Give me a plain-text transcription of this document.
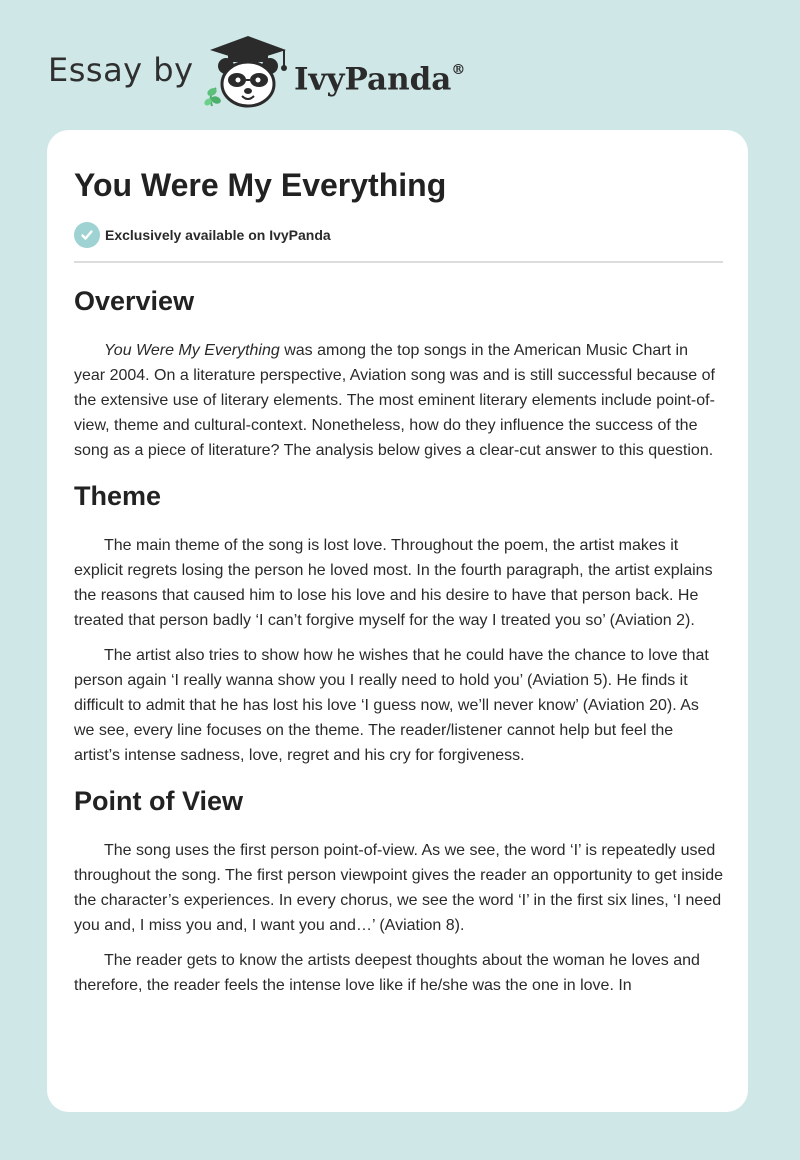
Essay by	IvyPanda®
You Were My Everything
Exclusively available on IvyPanda
Overview

You Were My Everything was among the top songs in the American Music Chart in year 2004. On a literature perspective, Aviation song was and is still successful because of the extensive use of literary elements. The most eminent literary elements include point-of-view, theme and cultural-context. Nonetheless, how do they influence the success of the song as a piece of literature? The analysis below gives a clear-cut answer to this question.

Theme

The main theme of the song is lost love. Throughout the poem, the artist makes it explicit regrets losing the person he loved most. In the fourth paragraph, the artist explains the reasons that caused him to lose his love and his desire to have that person back. He treated that person badly ‘I can’t forgive myself for the way I treated you so’ (Aviation 2).

The artist also tries to show how he wishes that he could have the chance to love that person again ‘I really wanna show you I really need to hold you’ (Aviation 5). He finds it difficult to admit that he has lost his love ‘I guess now, we’ll never know’ (Aviation 20). As we see, every line focuses on the theme. The reader/listener cannot help but feel the artist’s intense sadness, love, regret and his cry for forgiveness.

Point of View

The song uses the first person point-of-view. As we see, the word ‘I’ is repeatedly used throughout the song. The first person viewpoint gives the reader an opportunity to get inside the character’s experiences. In every chorus, we see the word ‘I’ in the first six lines, ‘I need you and, I miss you and, I want you and…’ (Aviation 8).

The reader gets to know the artists deepest thoughts about the woman he loves and therefore, the reader feels the intense love like if he/she was the one in love. In
